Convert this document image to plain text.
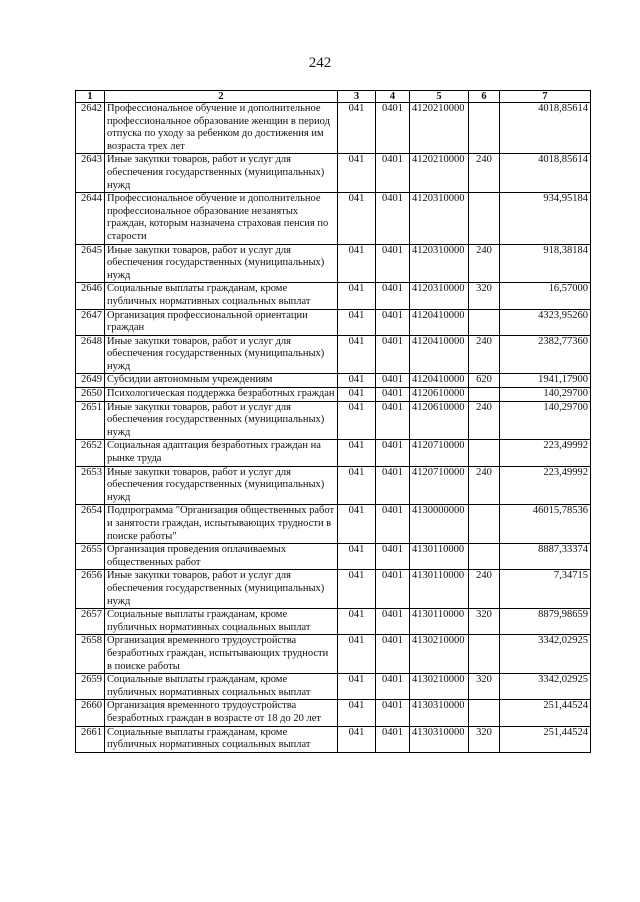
242
1	2	3	4	5	6	7
2642	Профессиональное обучение и дополнительное профессиональное образование женщин в период отпуска по уходу за ребенком до достижения им возраста трех лет	041	0401	4120210000		4018,85614
2643	Иные закупки товаров, работ и услуг для обеспечения государственных (муниципальных) нужд	041	0401	4120210000	240	4018,85614
2644	Профессиональное обучение и дополнительное профессиональное образование незанятых граждан, которым назначена страховая пенсия по старости	041	0401	4120310000		934,95184
2645	Иные закупки товаров, работ и услуг для обеспечения государственных (муниципальных) нужд	041	0401	4120310000	240	918,38184
2646	Социальные выплаты гражданам, кроме публичных нормативных социальных выплат	041	0401	4120310000	320	16,57000
2647	Организация профессиональной ориентации граждан	041	0401	4120410000		4323,95260
2648	Иные закупки товаров, работ и услуг для обеспечения государственных (муниципальных) нужд	041	0401	4120410000	240	2382,77360
2649	Субсидии автономным учреждениям	041	0401	4120410000	620	1941,17900
2650	Психологическая поддержка безработных граждан	041	0401	4120610000		140,29700
2651	Иные закупки товаров, работ и услуг для обеспечения государственных (муниципальных) нужд	041	0401	4120610000	240	140,29700
2652	Социальная адаптация безработных граждан на рынке труда	041	0401	4120710000		223,49992
2653	Иные закупки товаров, работ и услуг для обеспечения государственных (муниципальных) нужд	041	0401	4120710000	240	223,49992
2654	Подпрограмма "Организация общественных работ и занятости граждан, испытывающих трудности в поиске работы"	041	0401	4130000000		46015,78536
2655	Организация проведения оплачиваемых общественных работ	041	0401	4130110000		8887,33374
2656	Иные закупки товаров, работ и услуг для обеспечения государственных (муниципальных) нужд	041	0401	4130110000	240	7,34715
2657	Социальные выплаты гражданам, кроме публичных нормативных социальных выплат	041	0401	4130110000	320	8879,98659
2658	Организация временного трудоустройства безработных граждан, испытывающих трудности в поиске работы	041	0401	4130210000		3342,02925
2659	Социальные выплаты гражданам, кроме публичных нормативных социальных выплат	041	0401	4130210000	320	3342,02925
2660	Организация временного трудоустройства безработных граждан в возрасте от 18 до 20 лет	041	0401	4130310000		251,44524
2661	Социальные выплаты гражданам, кроме публичных нормативных социальных выплат	041	0401	4130310000	320	251,44524
